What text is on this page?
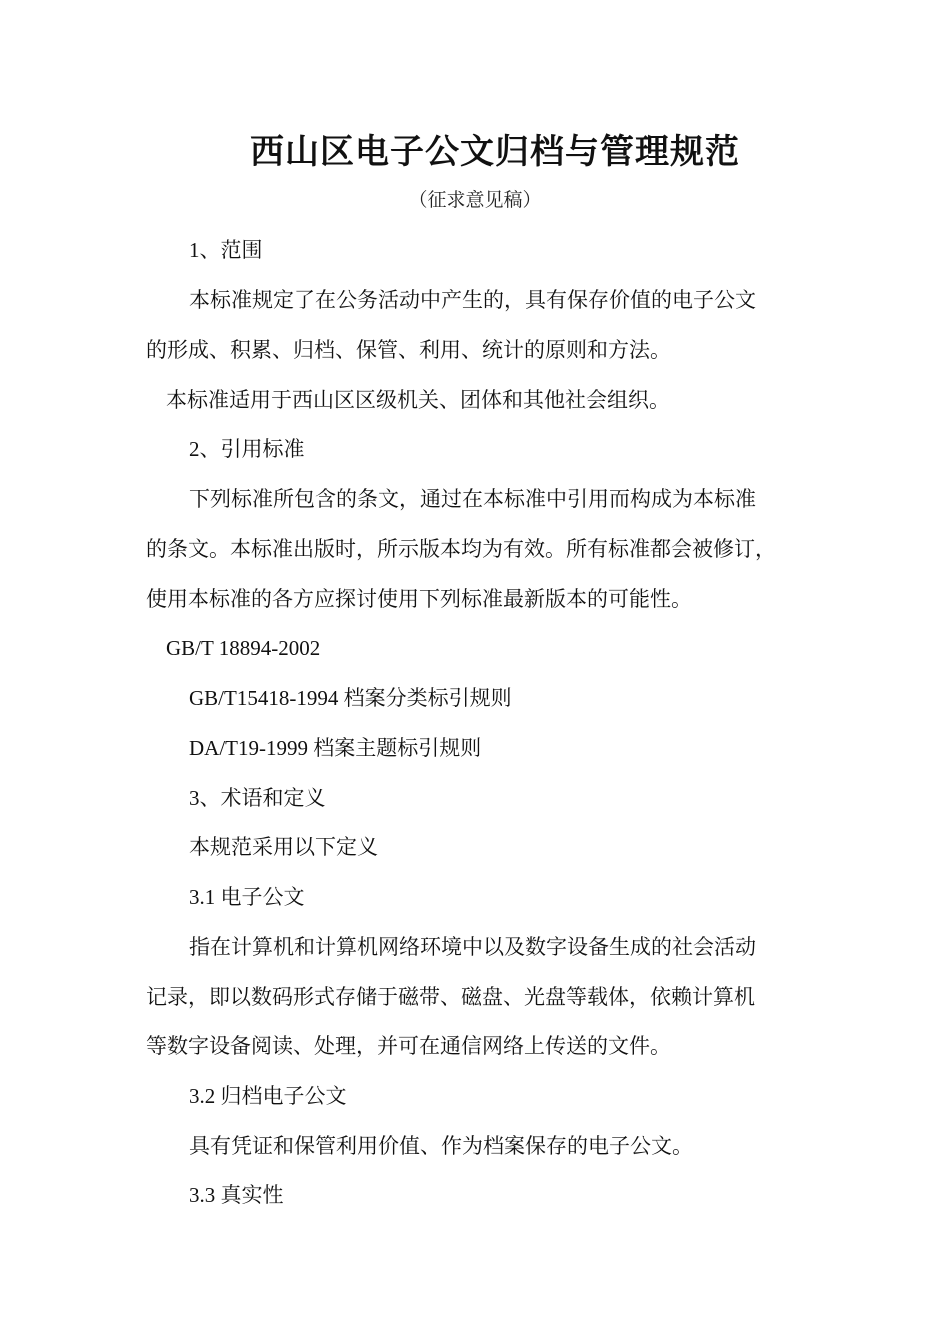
西山区电子公文归档与管理规范
（征求意见稿）
1、范围
本标准规定了在公务活动中产生的，具有保存价值的电子公文
的形成、积累、归档、保管、利用、统计的原则和方法。
本标准适用于西山区区级机关、团体和其他社会组织。
2、引用标准
下列标准所包含的条文，通过在本标准中引用而构成为本标准
的条文。本标准出版时，所示版本均为有效。所有标准都会被修订，
使用本标准的各方应探讨使用下列标准最新版本的可能性。
GB/T 18894-2002
GB/T15418-1994 档案分类标引规则
DA/T19-1999 档案主题标引规则
3、术语和定义
本规范采用以下定义
3.1 电子公文
指在计算机和计算机网络环境中以及数字设备生成的社会活动
记录，即以数码形式存储于磁带、磁盘、光盘等载体，依赖计算机
等数字设备阅读、处理，并可在通信网络上传送的文件。
3.2 归档电子公文
具有凭证和保管利用价值、作为档案保存的电子公文。
3.3 真实性
